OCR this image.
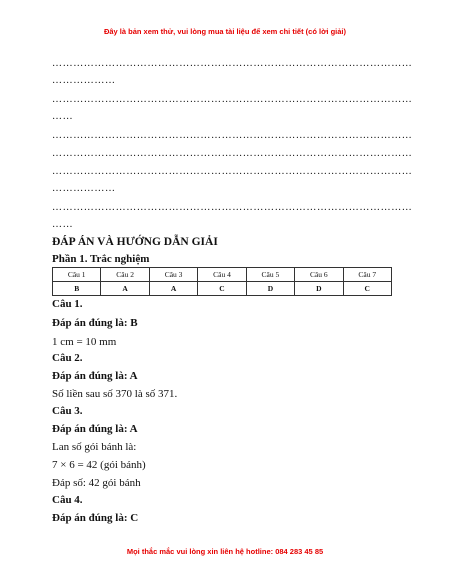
Đây là bản xem thử, vui lòng mua tài liệu để xem chi tiết (có lời giải)
…………………………………………………………………………………………
………………
…………………………………………………………………………………………
……
…………………………………………………………………………………………
…………………………………………………………………………………………
…………………………………………………………………………………………
………………
…………………………………………………………………………………………
……
ĐÁP ÁN VÀ HƯỚNG DẪN GIẢI
Phần 1. Trắc nghiệm
Câu 1	Câu 2	Câu 3	Câu 4	Câu 5	Câu 6	Câu 7
B	A	A	C	D	D	C
Câu 1.
Đáp án đúng là: B
1 cm = 10 mm
Câu 2.
Đáp án đúng là: A
Số liền sau số 370 là số 371.
Câu 3.
Đáp án đúng là: A
Lan số gói bánh là:
7 × 6 = 42 (gói bánh)
Đáp số: 42 gói bánh
Câu 4.
Đáp án đúng là: C
Mọi thắc mắc vui lòng xin liên hệ hotline: 084 283 45 85
